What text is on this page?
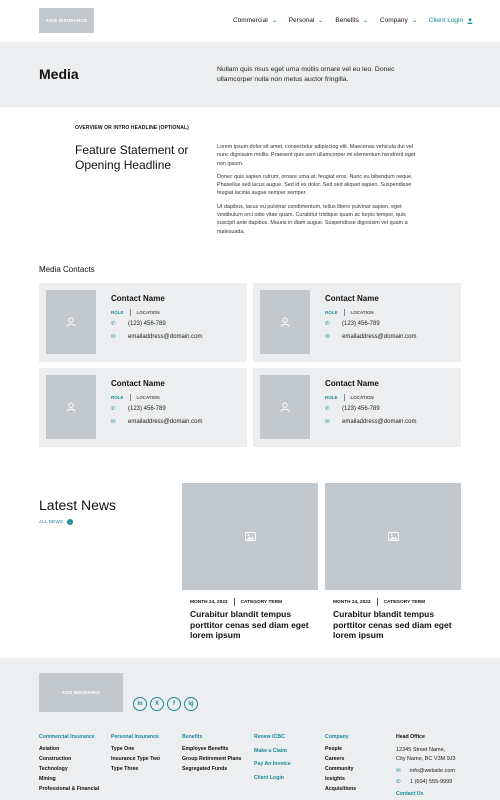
AXIS INSURANCE	Commercial ⌄ Personal ⌄ Benefits ⌄ Company ⌄ Client Login
Media	Nullam quis risus eget urna mollis ornare vel eu leo. Donec ullamcorper nulla non metus auctor fringilla.
OVERVIEW OR INTRO HEADLINE (OPTIONAL)
Feature Statement or Opening Headline

Lorem ipsum dolor sit amet, consectetur adipiscing elit. Maecenas vehicula dui vel nunc dignissim mollis. Praesent quis sem ullamcorper mi elementum hendrerit eget non ipsum.

Donec quis sapien rutrum, ornare urna at, feugiat eros. Nunc eu bibendum neque. Phasellus sed lacus augue. Sed id ex dolor. Sed sed aliquet sapien. Suspendisse feugiat lacinia augue semper semper.

Ut dapibus, lacus eu pulvinar condimentum, tellus libero pulvinar sapien, eget vestibulum orci odio vitae quam. Curabitur tristique quam ac turpis tempor, quis suscipit ante dapibus. Mauris in diam augue. Suspendisse dignissim vel quam a malesuada.

Media Contacts
Contact Name
ROLE	LOCATION
✆	(123) 456-789
✉	emailaddress@domain.com
Contact Name
ROLE	LOCATION
✆	(123) 456-789
✉	emailaddress@domain.com
Contact Name
ROLE	LOCATION
✆	(123) 456-789
✉	emailaddress@domain.com
Contact Name
ROLE	LOCATION
✆	(123) 456-789
✉	emailaddress@domain.com
Latest News
ALL NEWS	›
MONTH 24, 2023	CATEGORY TERM
Curabitur blandit tempus porttitor cenas sed diam eget lorem ipsum
MONTH 24, 2023	CATEGORY TERM
Curabitur blandit tempus porttitor cenas sed diam eget lorem ipsum
AXIS INSURANCE
in	X	f	ig
Commercial Insurance
Aviation
Construction
Technology
Mining
Professional & Financial
Personal Insurance
Type One
Insurance Type Two
Type Three
Benefits
Employee Benefits
Group Retirement Plans
Segregated Funds
Renew ICBC
Make a Claim
Pay An Invoice
Client Login
Company
People
Careers
Community
Insights
Acquisitions
Head Office
12345 Street Name,
City Name, BC V3M 9J3
✉	info@website.com
✆	1 (604) 555-9999
Contact Us
